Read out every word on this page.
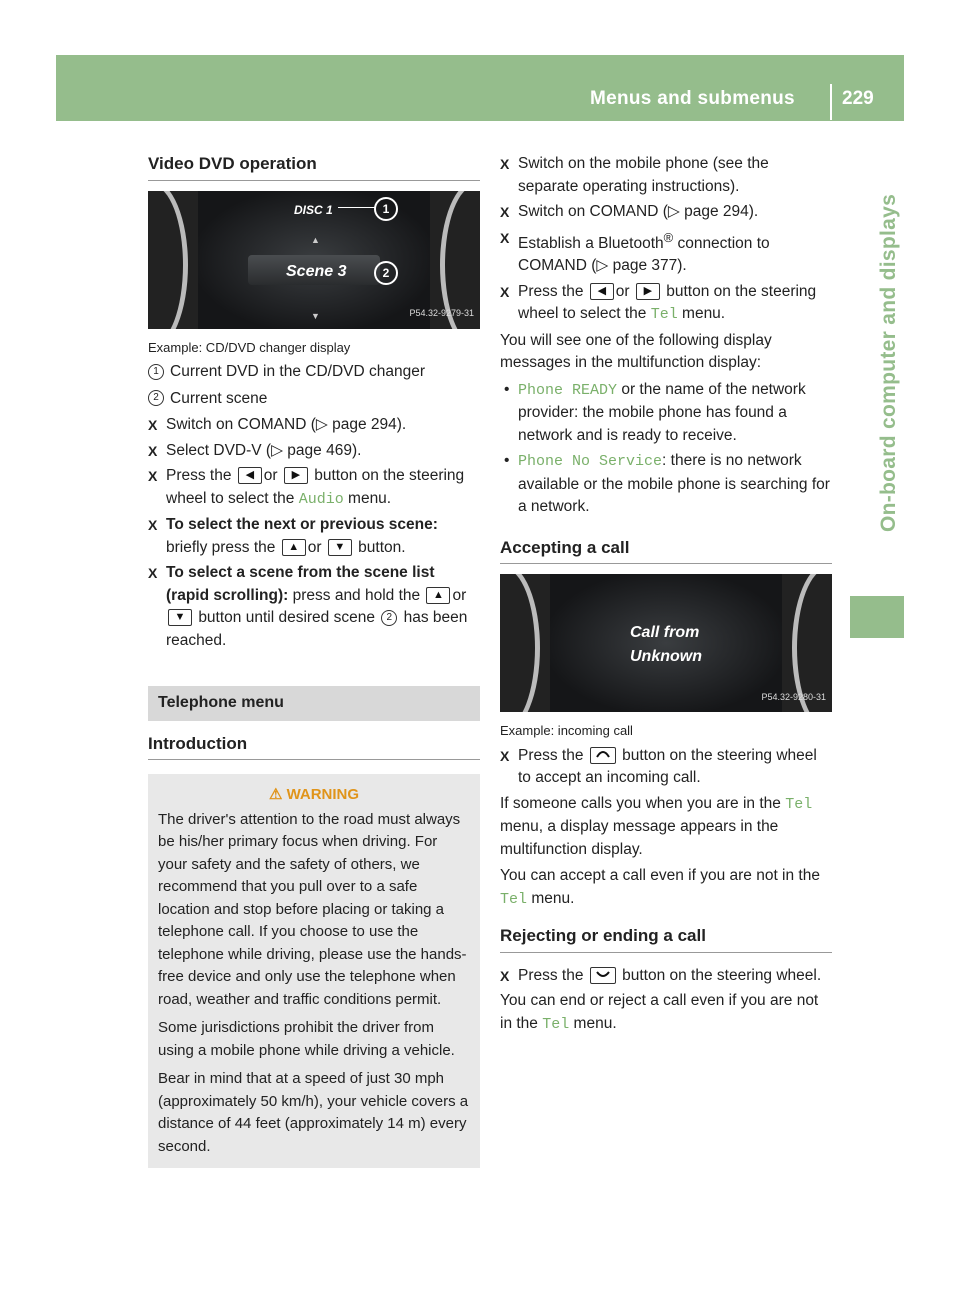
Menus and submenus 229
On-board computer and displays
Video DVD operation
DISC 1	1
▲
Scene 3	2
▼	P54.32-9279-31
Example: CD/DVD changer display

1 Current DVD in the CD/DVD changer

2 Current scene

X Switch on COMAND (▷ page 294).
X Select DVD-V (▷ page 469).
X Press the ◀ or ▶ button on the steering wheel to select the Audio menu.
X To select the next or previous scene: briefly press the ▲ or ▼ button.
X To select a scene from the scene list (rapid scrolling): press and hold the ▲ or ▼ button until desired scene 2 has been reached.
Telephone menu
Introduction
⚠ WARNING

The driver's attention to the road must always be his/her primary focus when driving. For your safety and the safety of others, we recommend that you pull over to a safe location and stop before placing or taking a telephone call. If you choose to use the telephone while driving, please use the hands-free device and only use the telephone when road, weather and traffic conditions permit.

Some jurisdictions prohibit the driver from using a mobile phone while driving a vehicle.

Bear in mind that at a speed of just 30 mph (approximately 50 km/h), your vehicle covers a distance of 44 feet (approximately 14 m) every second.

X Switch on the mobile phone (see the separate operating instructions).
X Switch on COMAND (▷ page 294).
X Establish a Bluetooth® connection to COMAND (▷ page 377).
X Press the ◀ or ▶ button on the steering wheel to select the Tel menu.

You will see one of the following display messages in the multifunction display:

• Phone READY or the name of the network provider: the mobile phone has found a network and is ready to receive.
• Phone No Service: there is no network available or the mobile phone is searching for a network.
Accepting a call
Call from
Unknown
P54.32-9280-31
Example: incoming call
X Press the button on the steering wheel to accept an incoming call.

If someone calls you when you are in the Tel menu, a display message appears in the multifunction display.

You can accept a call even if you are not in the Tel menu.

Rejecting or ending a call
X Press the button on the steering wheel.

You can end or reject a call even if you are not in the Tel menu.
